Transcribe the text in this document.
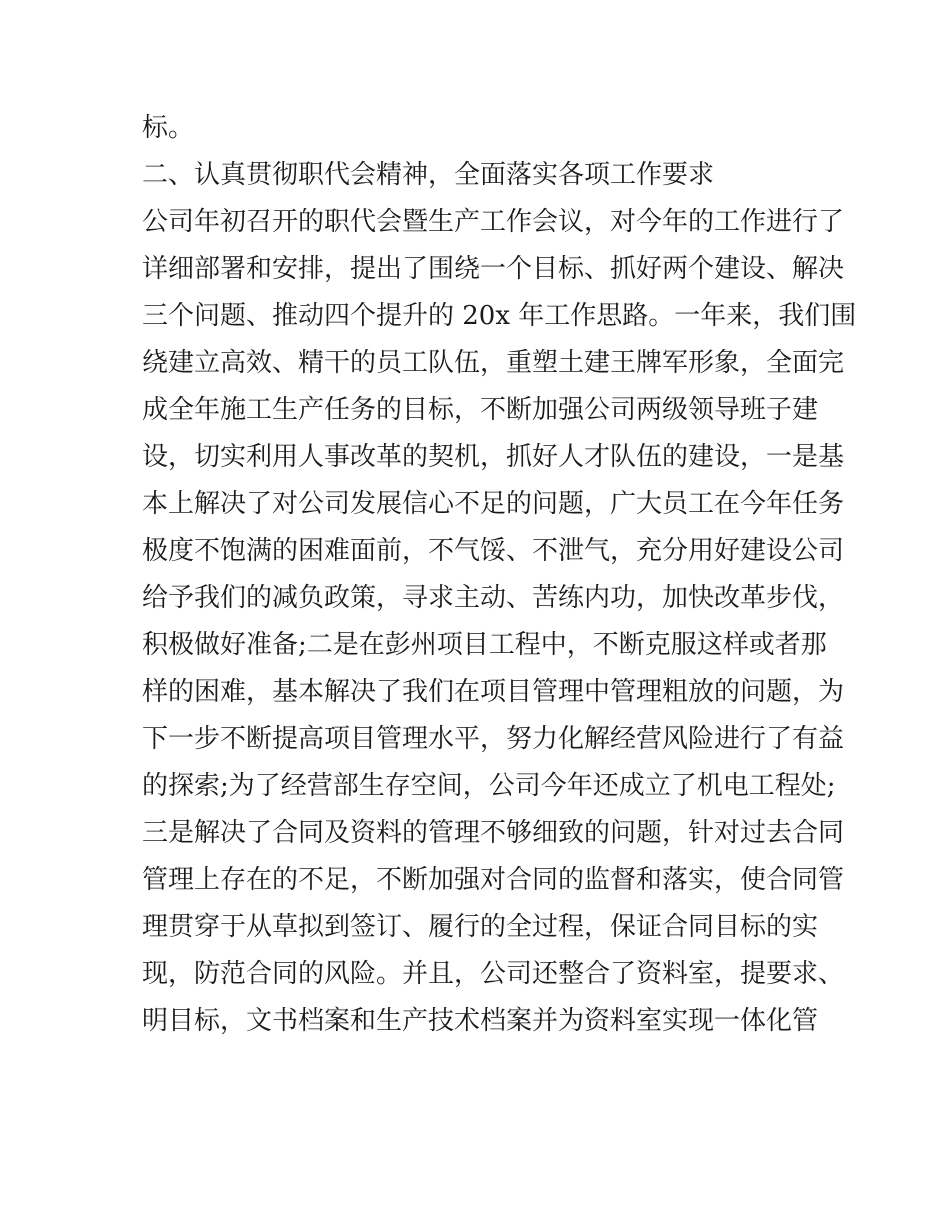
标。
二、认真贯彻职代会精神，全面落实各项工作要求
公司年初召开的职代会暨生产工作会议，对今年的工作进行了
详细部署和安排，提出了围绕一个目标、抓好两个建设、解决
三个问题、推动四个提升的 20x 年工作思路。一年来，我们围
绕建立高效、精干的员工队伍，重塑土建王牌军形象，全面完
成全年施工生产任务的目标，不断加强公司两级领导班子建
设，切实利用人事改革的契机，抓好人才队伍的建设，一是基
本上解决了对公司发展信心不足的问题，广大员工在今年任务
极度不饱满的困难面前，不气馁、不泄气，充分用好建设公司
给予我们的减负政策，寻求主动、苦练内功，加快改革步伐，
积极做好准备;二是在彭州项目工程中，不断克服这样或者那
样的困难，基本解决了我们在项目管理中管理粗放的问题，为
下一步不断提高项目管理水平，努力化解经营风险进行了有益
的探索;为了经营部生存空间，公司今年还成立了机电工程处;
三是解决了合同及资料的管理不够细致的问题，针对过去合同
管理上存在的不足，不断加强对合同的监督和落实，使合同管
理贯穿于从草拟到签订、履行的全过程，保证合同目标的实
现，防范合同的风险。并且，公司还整合了资料室，提要求、
明目标，文书档案和生产技术档案并为资料室实现一体化管
